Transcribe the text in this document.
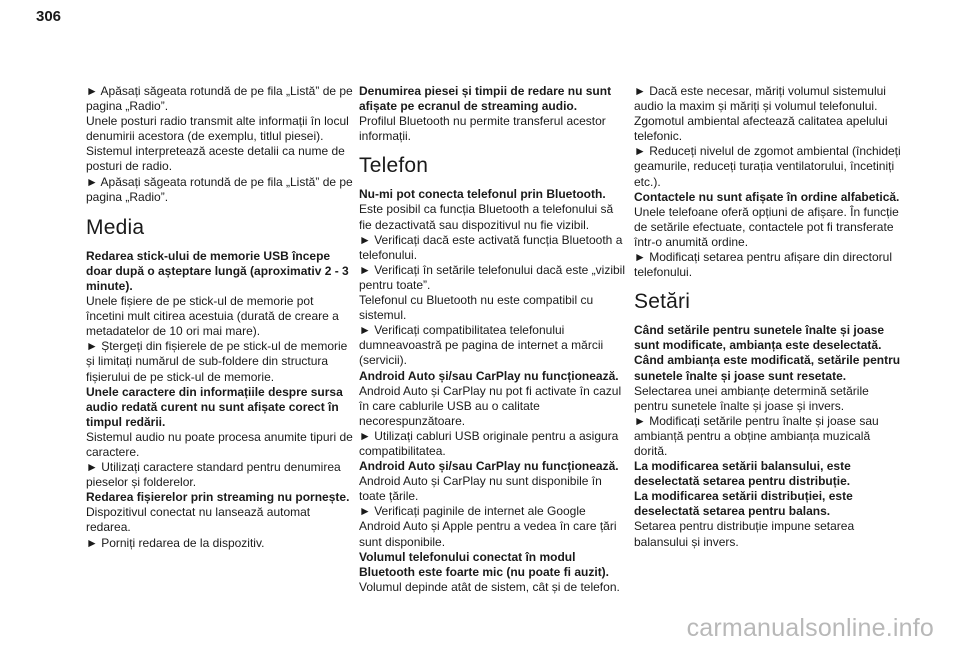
306

► Apăsați săgeata rotundă de pe fila „Listă” de pe pagina „Radio”.

Unele posturi radio transmit alte informații în locul denumirii acestora (de exemplu, titlul piesei).

Sistemul interpretează aceste detalii ca nume de posturi de radio.

► Apăsați săgeata rotundă de pe fila „Listă” de pe pagina „Radio”.

Media

Redarea stick-ului de memorie USB începe doar după o așteptare lungă (aproximativ 2 - 3 minute).

Unele fișiere de pe stick-ul de memorie pot încetini mult citirea acestuia (durată de creare a metadatelor de 10 ori mai mare).

► Ștergeți din fișierele de pe stick-ul de memorie și limitați numărul de sub-foldere din structura fișierului de pe stick-ul de memorie.

Unele caractere din informațiile despre sursa audio redată curent nu sunt afișate corect în timpul redării.

Sistemul audio nu poate procesa anumite tipuri de caractere.

► Utilizați caractere standard pentru denumirea pieselor și folderelor.

Redarea fișierelor prin streaming nu pornește.

Dispozitivul conectat nu lansează automat redarea.

► Porniți redarea de la dispozitiv.

Denumirea piesei și timpii de redare nu sunt afișate pe ecranul de streaming audio.

Profilul Bluetooth nu permite transferul acestor informații.

Telefon

Nu-mi pot conecta telefonul prin Bluetooth.

Este posibil ca funcția Bluetooth a telefonului să fie dezactivată sau dispozitivul nu fie vizibil.

► Verificați dacă este activată funcția Bluetooth a telefonului.

► Verificați în setările telefonului dacă este „vizibil pentru toate”.

Telefonul cu Bluetooth nu este compatibil cu sistemul.

► Verificați compatibilitatea telefonului dumneavoastră pe pagina de internet a mărcii (servicii).

Android Auto și/sau CarPlay nu funcționează.

Android Auto și CarPlay nu pot fi activate în cazul în care cablurile USB au o calitate necorespunzătoare.

► Utilizați cabluri USB originale pentru a asigura compatibilitatea.

Android Auto și/sau CarPlay nu funcționează.

Android Auto și CarPlay nu sunt disponibile în toate țările.

► Verificați paginile de internet ale Google Android Auto și Apple pentru a vedea în care țări sunt disponibile.

Volumul telefonului conectat în modul Bluetooth este foarte mic (nu poate fi auzit).

Volumul depinde atât de sistem, cât și de telefon.

► Dacă este necesar, măriți volumul sistemului audio la maxim și măriți și volumul telefonului.

Zgomotul ambiental afectează calitatea apelului telefonic.

► Reduceți nivelul de zgomot ambiental (închideți geamurile, reduceți turația ventilatorului, încetiniți etc.).

Contactele nu sunt afișate în ordine alfabetică.

Unele telefoane oferă opțiuni de afișare. În funcție de setările efectuate, contactele pot fi transferate într-o anumită ordine.

► Modificați setarea pentru afișare din directorul telefonului.

Setări

Când setările pentru sunetele înalte și joase sunt modificate, ambianța este deselectată.

Când ambianța este modificată, setările pentru sunetele înalte și joase sunt resetate.

Selectarea unei ambianțe determină setările pentru sunetele înalte și joase și invers.

► Modificați setările pentru înalte și joase sau ambianță pentru a obține ambianța muzicală dorită.

La modificarea setării balansului, este deselectată setarea pentru distribuție.

La modificarea setării distribuției, este deselectată setarea pentru balans.

Setarea pentru distribuție impune setarea balansului și invers.

carmanualsonline.info
